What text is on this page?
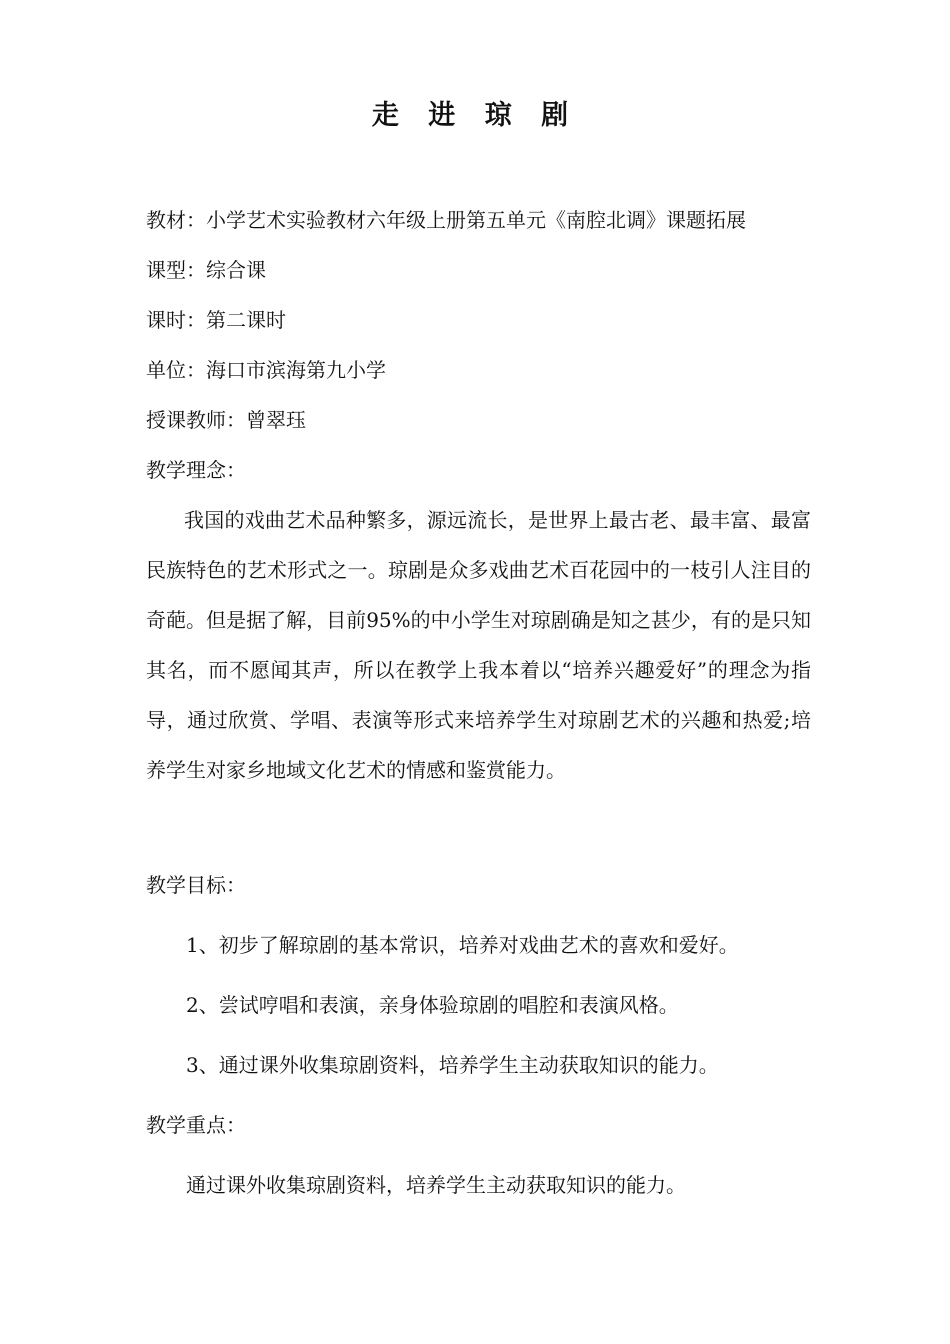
走 进 琼 剧
教材：小学艺术实验教材六年级上册第五单元《南腔北调》课题拓展
课型：综合课
课时：第二课时
单位：海口市滨海第九小学
授课教师：曾翠珏
教学理念：
我国的戏曲艺术品种繁多，源远流长，是世界上最古老、最丰富、最富民族特色的艺术形式之一。琼剧是众多戏曲艺术百花园中的一枝引人注目的奇葩。但是据了解，目前95%的中小学生对琼剧确是知之甚少，有的是只知其名，而不愿闻其声，所以在教学上我本着以“培养兴趣爱好”的理念为指导，通过欣赏、学唱、表演等形式来培养学生对琼剧艺术的兴趣和热爱;培养学生对家乡地域文化艺术的情感和鉴赏能力。
教学目标：
1、初步了解琼剧的基本常识，培养对戏曲艺术的喜欢和爱好。
2、尝试哼唱和表演，亲身体验琼剧的唱腔和表演风格。
3、通过课外收集琼剧资料，培养学生主动获取知识的能力。
教学重点：
通过课外收集琼剧资料，培养学生主动获取知识的能力。
